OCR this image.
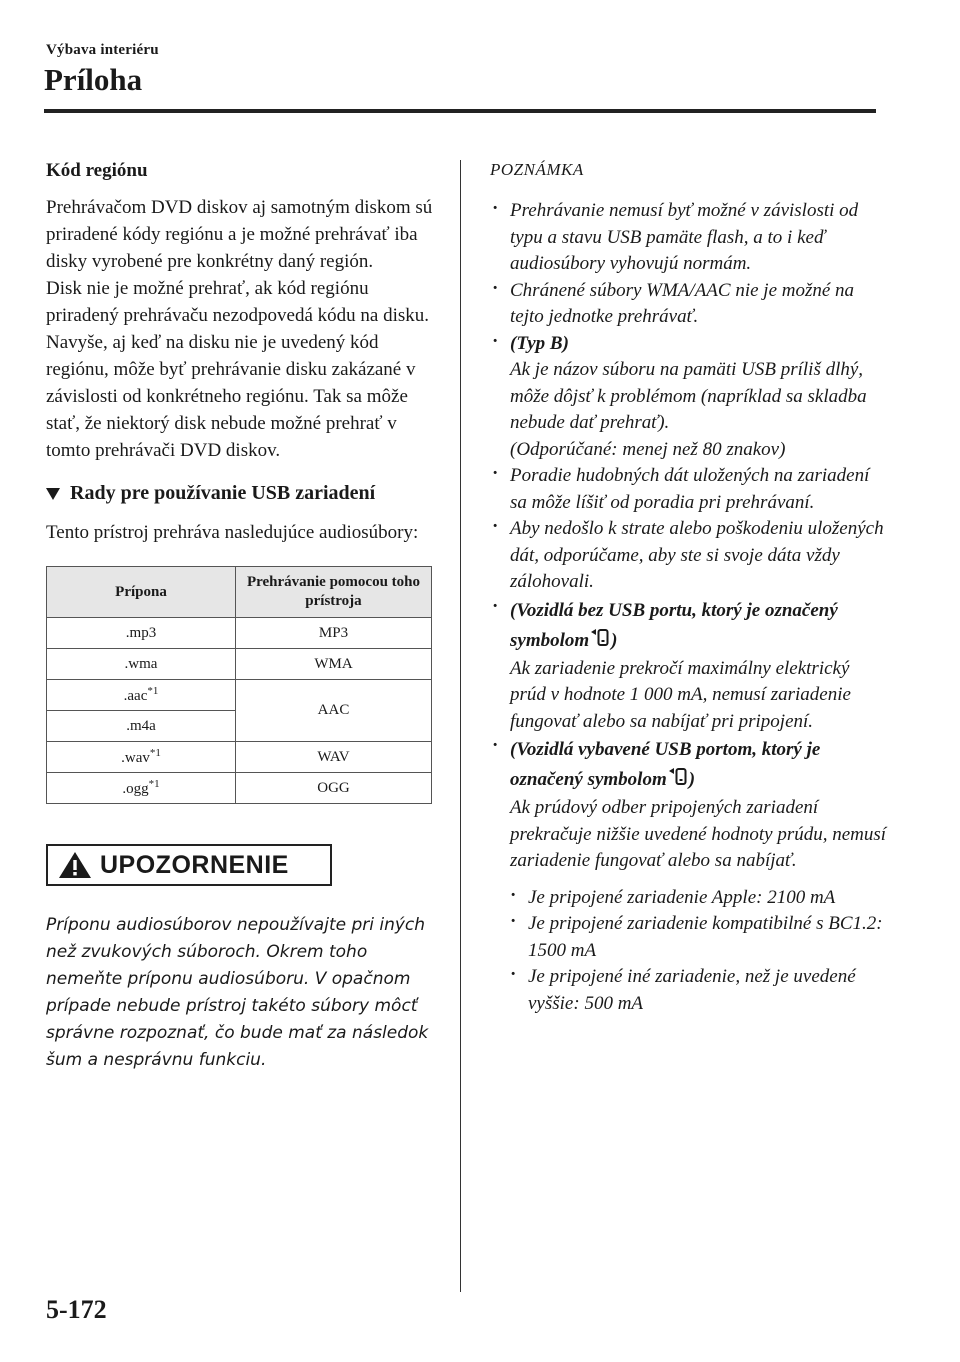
Výbava interiéru
Príloha

Kód regiónu

Prehrávačom DVD diskov aj samotným diskom sú priradené kódy regiónu a je možné prehrávať iba disky vyrobené pre konkrétny daný región.

Disk nie je možné prehrať, ak kód regiónu priradený prehrávaču nezodpovedá kódu na disku.

Navyše, aj keď na disku nie je uvedený kód regiónu, môže byť prehrávanie disku zakázané v závislosti od konkrétneho regiónu. Tak sa môže stať, že niektorý disk nebude možné prehrať v tomto prehrávači DVD diskov.

Rady pre používanie USB zariadení

Tento prístroj prehráva nasledujúce audiosúbory:

Prípona	Prehrávanie pomocou toho prístroja
.mp3	MP3
.wma	WMA
.aac$^{*1}$	AAC
.m4a	
.wav$^{*1}$	WAV
.ogg$^{*1}$	OGG
UPOZORNENIE
Príponu audiosúborov nepoužívajte pri iných než zvukových súboroch. Okrem toho nemeňte príponu audiosúboru. V opačnom prípade nebude prístroj takéto súbory môcť správne rozpoznať, čo bude mať za následok šum a nesprávnu funkciu.

POZNÁMKA

· Prehrávanie nemusí byť možné v závislosti od typu a stavu USB pamäte flash, a to i keď audiosúbory vyhovujú normám.
· Chránené súbory WMA/AAC nie je možné na tejto jednotke prehrávať.
· (Typ B)
Ak je názov súboru na pamäti USB príliš dlhý, môže dôjsť k problémom (napríklad sa skladba nebude dať prehrať).
(Odporúčané: menej než 80 znakov)
· Poradie hudobných dát uložených na zariadení sa môže líšiť od poradia pri prehrávaní.
· Aby nedošlo k strate alebo poškodeniu uložených dát, odporúčame, aby ste si svoje dáta vždy zálohovali.
· (Vozidlá bez USB portu, ktorý je označený symbolom )
Ak zariadenie prekročí maximálny elektrický prúd v hodnote 1 000 mA, nemusí zariadenie fungovať alebo sa nabíjať pri pripojení.
· (Vozidlá vybavené USB portom, ktorý je označený symbolom )
Ak prúdový odber pripojených zariadení prekračuje nižšie uvedené hodnoty prúdu, nemusí zariadenie fungovať alebo sa nabíjať.
· Je pripojené zariadenie Apple: 2100 mA
· Je pripojené zariadenie kompatibilné s BC1.2: 1500 mA
· Je pripojené iné zariadenie, než je uvedené vyššie: 500 mA
5-172
